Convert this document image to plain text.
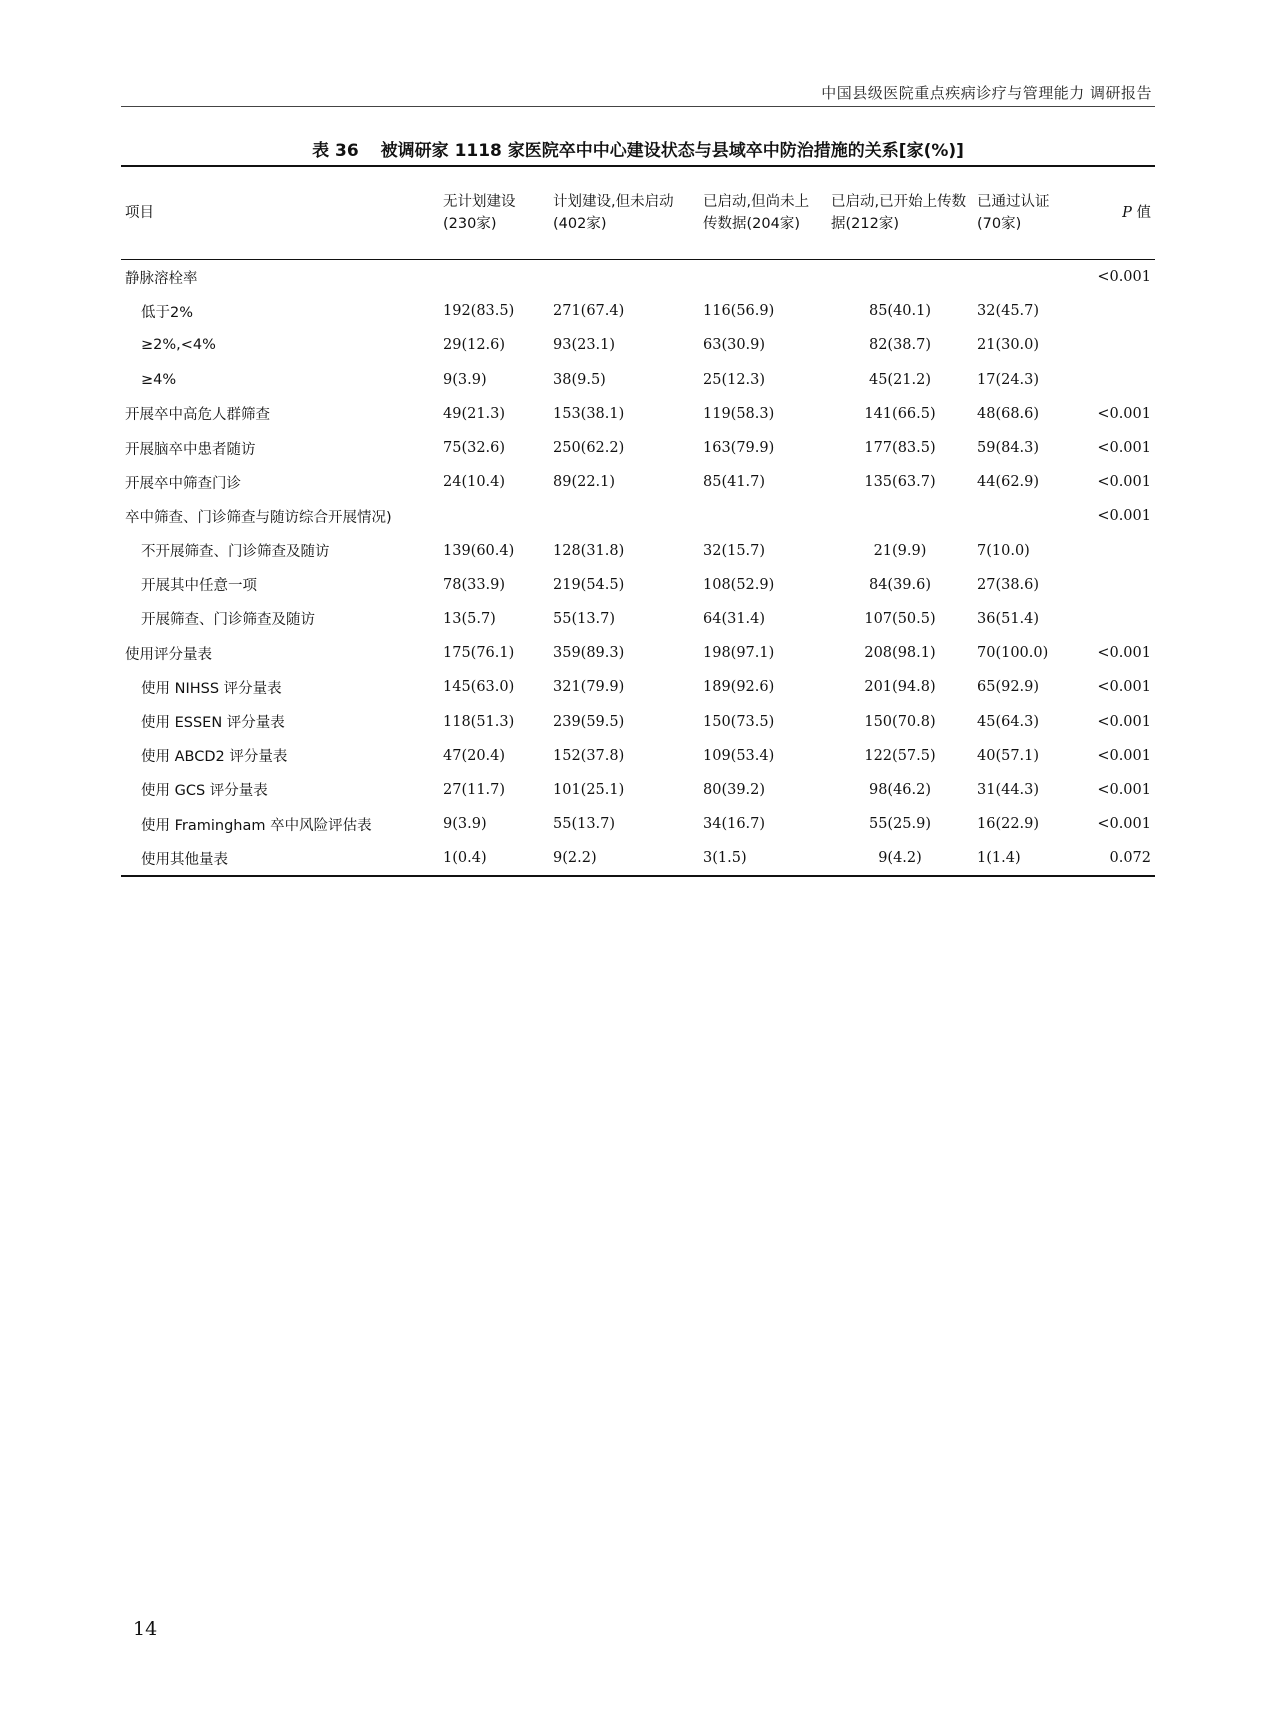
中国县级医院重点疾病诊疗与管理能力 调研报告
表 36 被调研家 1118 家医院卒中中心建设状态与县域卒中防治措施的关系[家(%)]
项目	无计划建设 (230家)	计划建设,但未启动(402家)	已启动,但尚未上传数据(204家)	已启动,已开始上传数据(212家)	已通过认证 (70家)	P 值
静脉溶栓率						<0.001
低于2%	192(83.5)	271(67.4)	116(56.9)	85(40.1)	32(45.7)	
≥2%,<4%	29(12.6)	93(23.1)	63(30.9)	82(38.7)	21(30.0)	
≥4%	9(3.9)	38(9.5)	25(12.3)	45(21.2)	17(24.3)	
开展卒中高危人群筛查	49(21.3)	153(38.1)	119(58.3)	141(66.5)	48(68.6)	<0.001
开展脑卒中患者随访	75(32.6)	250(62.2)	163(79.9)	177(83.5)	59(84.3)	<0.001
开展卒中筛查门诊	24(10.4)	89(22.1)	85(41.7)	135(63.7)	44(62.9)	<0.001
卒中筛查、门诊筛查与随访综合开展情况)						<0.001
不开展筛查、门诊筛查及随访	139(60.4)	128(31.8)	32(15.7)	21(9.9)	7(10.0)	
开展其中任意一项	78(33.9)	219(54.5)	108(52.9)	84(39.6)	27(38.6)	
开展筛查、门诊筛查及随访	13(5.7)	55(13.7)	64(31.4)	107(50.5)	36(51.4)	
使用评分量表	175(76.1)	359(89.3)	198(97.1)	208(98.1)	70(100.0)	<0.001
使用 NIHSS 评分量表	145(63.0)	321(79.9)	189(92.6)	201(94.8)	65(92.9)	<0.001
使用 ESSEN 评分量表	118(51.3)	239(59.5)	150(73.5)	150(70.8)	45(64.3)	<0.001
使用 ABCD2 评分量表	47(20.4)	152(37.8)	109(53.4)	122(57.5)	40(57.1)	<0.001
使用 GCS 评分量表	27(11.7)	101(25.1)	80(39.2)	98(46.2)	31(44.3)	<0.001
使用 Framingham 卒中风险评估表	9(3.9)	55(13.7)	34(16.7)	55(25.9)	16(22.9)	<0.001
使用其他量表	1(0.4)	9(2.2)	3(1.5)	9(4.2)	1(1.4)	0.072
14
